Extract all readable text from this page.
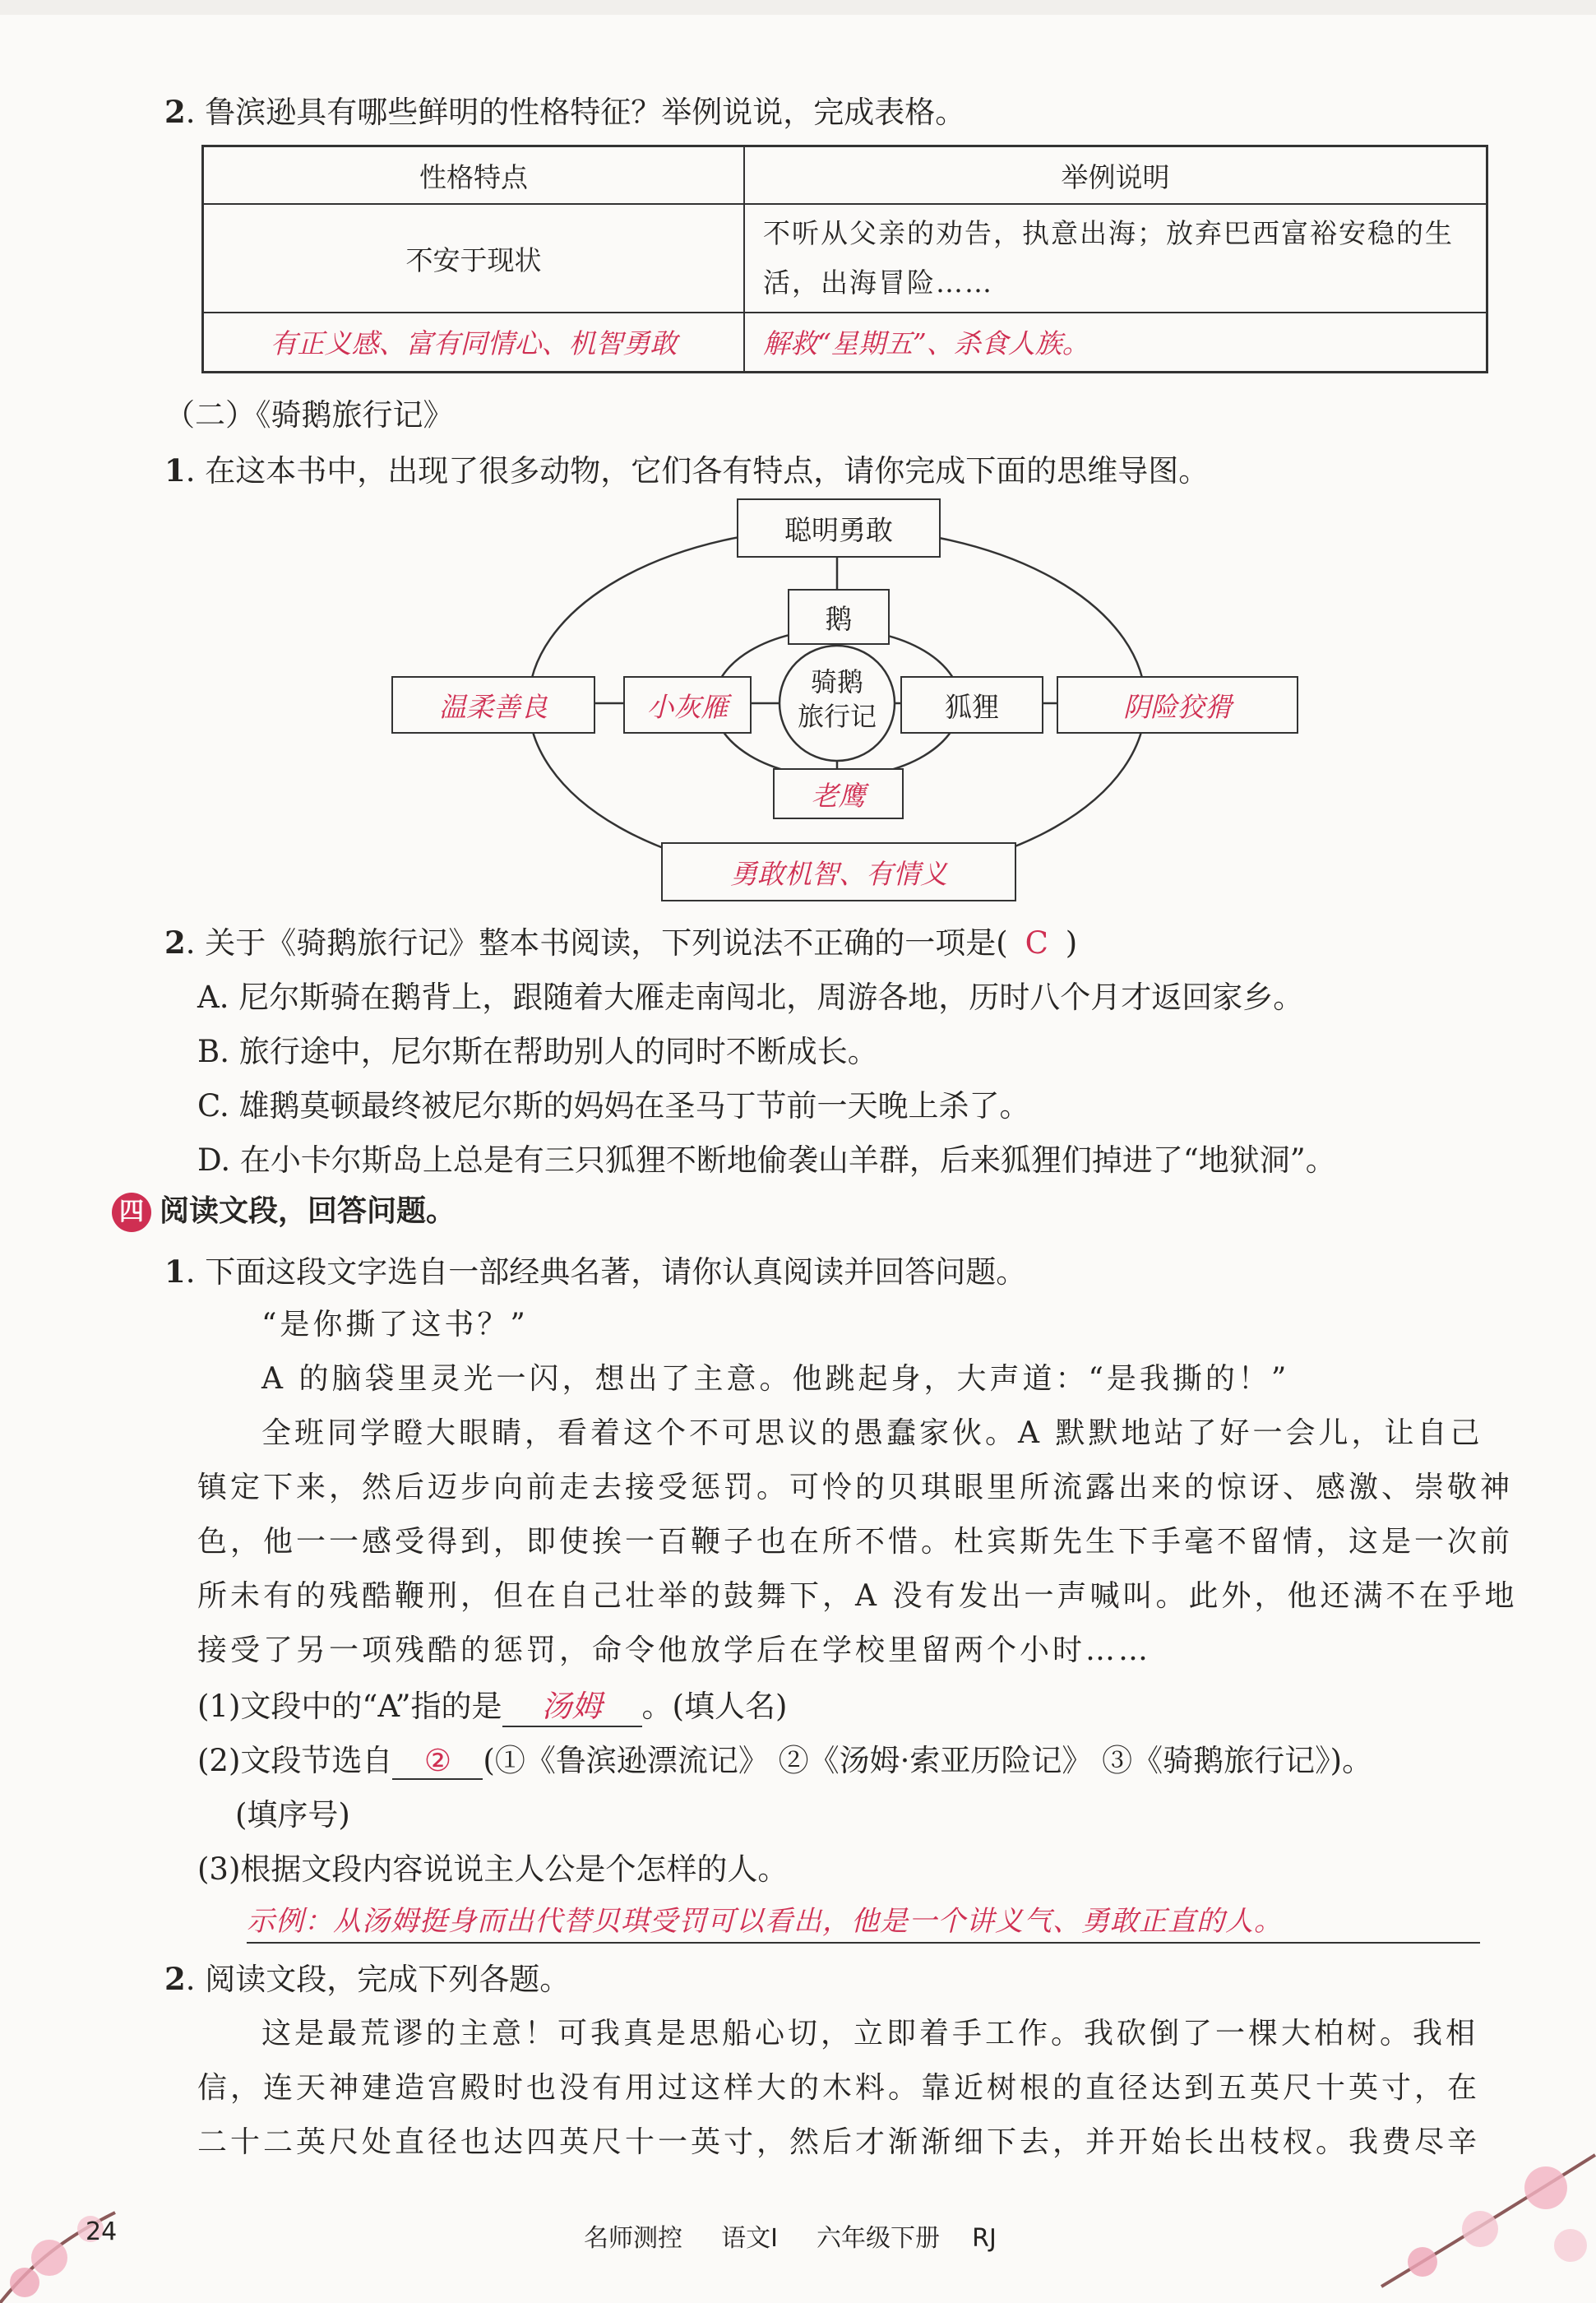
2. 鲁滨逊具有哪些鲜明的性格特征？举例说说，完成表格。
性格特点	举例说明
不安于现状	不听从父亲的劝告，执意出海；放弃巴西富裕安稳的生活，出海冒险……
有正义感、富有同情心、机智勇敢	解救“星期五”、杀食人族。
（二）《骑鹅旅行记》
1. 在这本书中，出现了很多动物，它们各有特点，请你完成下面的思维导图。
骑鹅
旅行记
聪明勇敢
鹅
温柔善良	小灰雁	狐狸	阴险狡猾
老鹰
勇敢机智、有情义
2. 关于《骑鹅旅行记》整本书阅读，下列说法不正确的一项是( C )
A. 尼尔斯骑在鹅背上，跟随着大雁走南闯北，周游各地，历时八个月才返回家乡。
B. 旅行途中，尼尔斯在帮助别人的同时不断成长。
C. 雄鹅莫顿最终被尼尔斯的妈妈在圣马丁节前一天晚上杀了。
D. 在小卡尔斯岛上总是有三只狐狸不断地偷袭山羊群，后来狐狸们掉进了“地狱洞”。
四 阅读文段，回答问题。
1. 下面这段文字选自一部经典名著，请你认真阅读并回答问题。
“是你撕了这书？”
A 的脑袋里灵光一闪，想出了主意。他跳起身，大声道：“是我撕的！”
全班同学瞪大眼睛，看着这个不可思议的愚蠢家伙。A 默默地站了好一会儿，让自己
镇定下来，然后迈步向前走去接受惩罚。可怜的贝琪眼里所流露出来的惊讶、感激、崇敬神
色，他一一感受得到，即使挨一百鞭子也在所不惜。杜宾斯先生下手毫不留情，这是一次前
所未有的残酷鞭刑，但在自己壮举的鼓舞下，A 没有发出一声喊叫。此外，他还满不在乎地
接受了另一项残酷的惩罚，命令他放学后在学校里留两个小时……
(1)文段中的“A”指的是 汤姆 。(填人名)
(2)文段节选自 ② (①《鲁滨逊漂流记》 ②《汤姆·索亚历险记》 ③《骑鹅旅行记》)。
(填序号)
(3)根据文段内容说说主人公是个怎样的人。
示例：从汤姆挺身而出代替贝琪受罚可以看出，他是一个讲义气、勇敢正直的人。
2. 阅读文段，完成下列各题。
这是最荒谬的主意！可我真是思船心切，立即着手工作。我砍倒了一棵大柏树。我相
信，连天神建造宫殿时也没有用过这样大的木料。靠近树根的直径达到五英尺十英寸，在
二十二英尺处直径也达四英尺十一英寸，然后才渐渐细下去，并开始长出枝杈。我费尽辛
24	名师测控 语文Ⅰ 六年级下册 RJ
